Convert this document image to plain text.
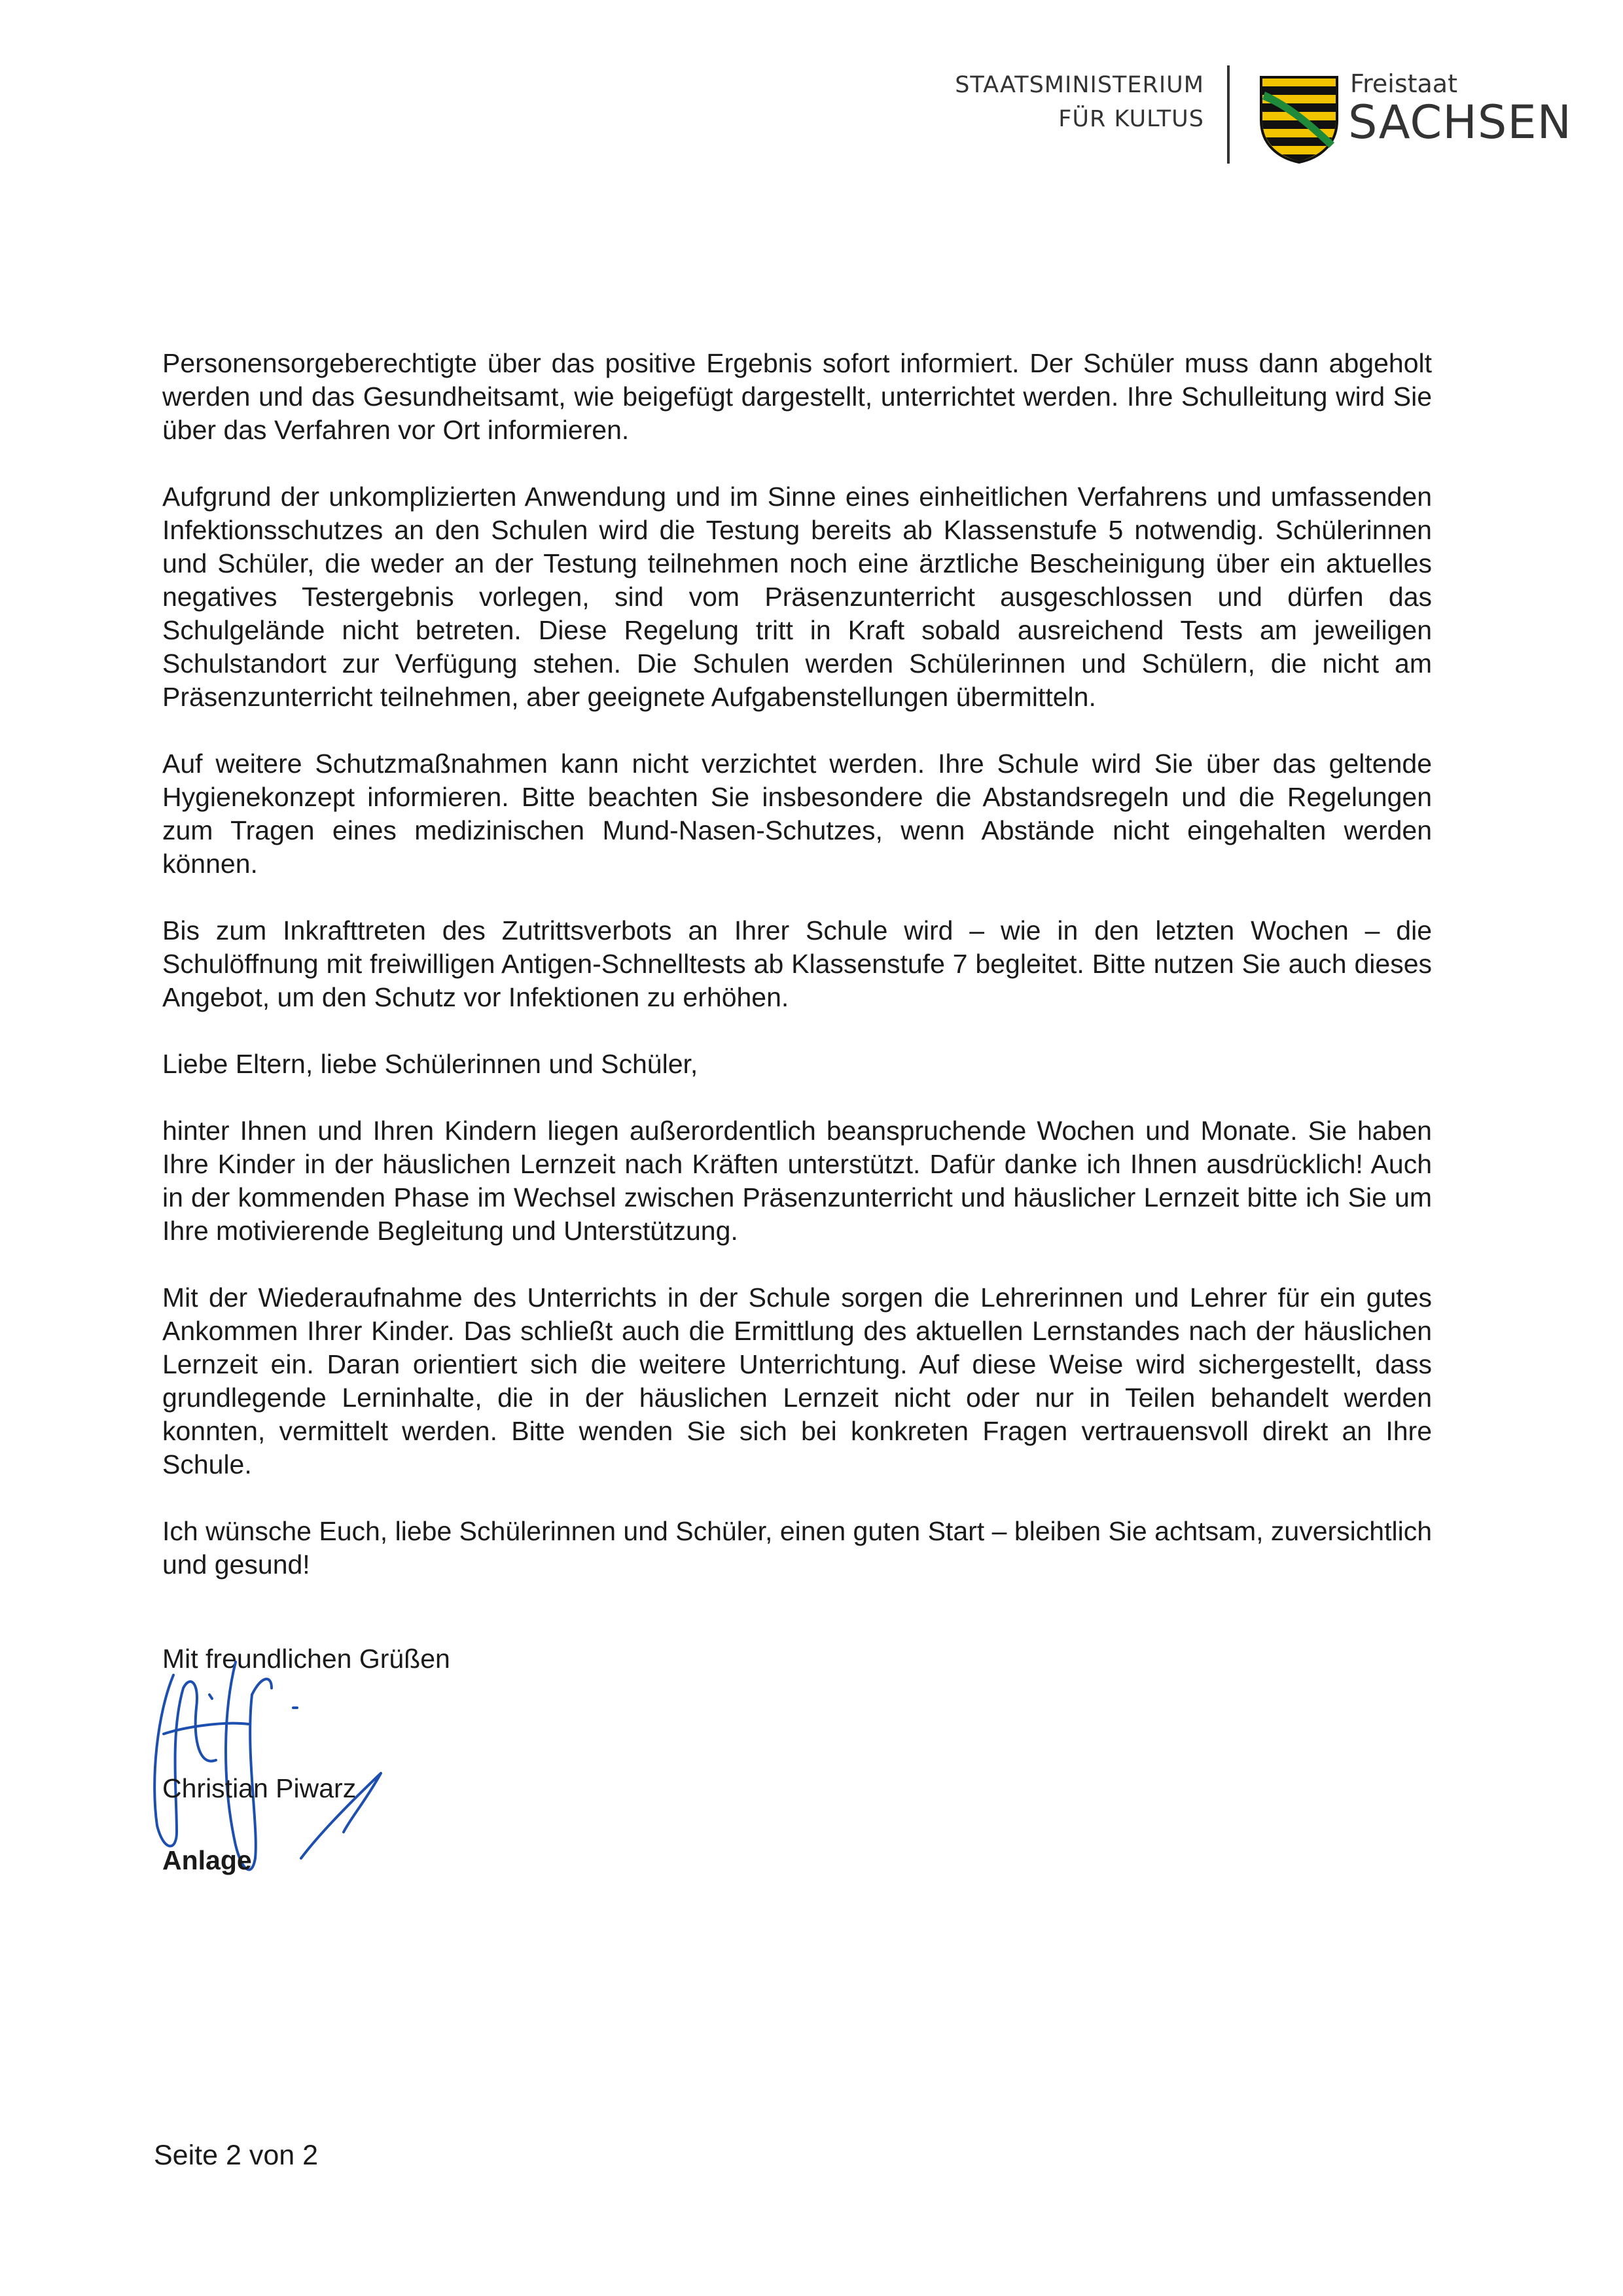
STAATSMINISTERIUM
FÜR KULTUS
Freistaat
SACHSEN

Personensorgeberechtigte über das positive Ergebnis sofort informiert. Der Schüler muss dann abgeholt werden und das Gesundheitsamt, wie beigefügt dargestellt, unterrichtet werden. Ihre Schulleitung wird Sie über das Verfahren vor Ort informieren.

Aufgrund der unkomplizierten Anwendung und im Sinne eines einheitlichen Verfahrens und umfassenden Infektionsschutzes an den Schulen wird die Testung bereits ab Klassenstufe 5 notwendig. Schülerinnen und Schüler, die weder an der Testung teilnehmen noch eine ärztliche Bescheinigung über ein aktuelles negatives Testergebnis vorlegen, sind vom Präsenzunterricht ausgeschlossen und dürfen das Schulgelände nicht betreten. Diese Regelung tritt in Kraft sobald ausreichend Tests am jeweiligen Schulstandort zur Verfügung stehen. Die Schulen werden Schülerinnen und Schülern, die nicht am Präsenzunterricht teilnehmen, aber geeignete Aufgabenstellungen übermitteln.

Auf weitere Schutzmaßnahmen kann nicht verzichtet werden. Ihre Schule wird Sie über das geltende Hygienekonzept informieren. Bitte beachten Sie insbesondere die Abstandsregeln und die Regelungen zum Tragen eines medizinischen Mund-Nasen-Schutzes, wenn Abstände nicht eingehalten werden können.

Bis zum Inkrafttreten des Zutrittsverbots an Ihrer Schule wird – wie in den letzten Wochen – die Schulöffnung mit freiwilligen Antigen-Schnelltests ab Klassenstufe 7 begleitet. Bitte nutzen Sie auch dieses Angebot, um den Schutz vor Infektionen zu erhöhen.

Liebe Eltern, liebe Schülerinnen und Schüler,

hinter Ihnen und Ihren Kindern liegen außerordentlich beanspruchende Wochen und Monate. Sie haben Ihre Kinder in der häuslichen Lernzeit nach Kräften unterstützt. Dafür danke ich Ihnen ausdrücklich! Auch in der kommenden Phase im Wechsel zwischen Präsenzunterricht und häuslicher Lernzeit bitte ich Sie um Ihre motivierende Begleitung und Unterstützung.

Mit der Wiederaufnahme des Unterrichts in der Schule sorgen die Lehrerinnen und Lehrer für ein gutes Ankommen Ihrer Kinder. Das schließt auch die Ermittlung des aktuellen Lernstandes nach der häuslichen Lernzeit ein. Daran orientiert sich die weitere Unterrichtung. Auf diese Weise wird sichergestellt, dass grundlegende Lerninhalte, die in der häuslichen Lernzeit nicht oder nur in Teilen behandelt werden konnten, vermittelt werden. Bitte wenden Sie sich bei konkreten Fragen vertrauensvoll direkt an Ihre Schule.

Ich wünsche Euch, liebe Schülerinnen und Schüler, einen guten Start – bleiben Sie achtsam, zuversichtlich und gesund!

Mit freundlichen Grüßen
Christian Piwarz
Anlage
Seite 2 von 2
